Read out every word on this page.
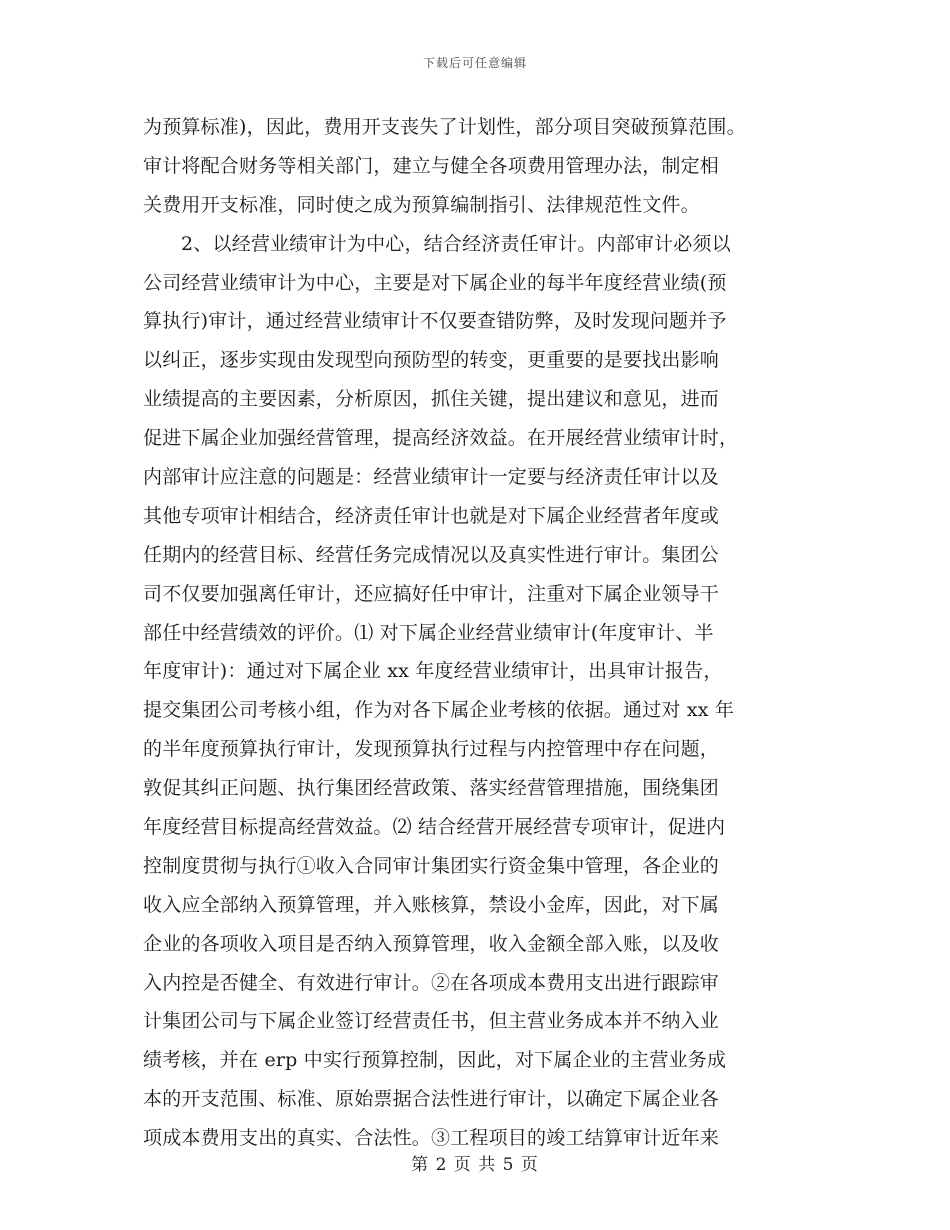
下载后可任意编辑
为预算标准)，因此，费用开支丧失了计划性，部分项目突破预算范围。
审计将配合财务等相关部门，建立与健全各项费用管理办法，制定相
关费用开支标准，同时使之成为预算编制指引、法律规范性文件。
2、以经营业绩审计为中心，结合经济责任审计。内部审计必须以
公司经营业绩审计为中心，主要是对下属企业的每半年度经营业绩(预
算执行)审计，通过经营业绩审计不仅要查错防弊，及时发现问题并予
以纠正，逐步实现由发现型向预防型的转变，更重要的是要找出影响
业绩提高的主要因素，分析原因，抓住关键，提出建议和意见，进而
促进下属企业加强经营管理，提高经济效益。在开展经营业绩审计时，
内部审计应注意的问题是：经营业绩审计一定要与经济责任审计以及
其他专项审计相结合，经济责任审计也就是对下属企业经营者年度或
任期内的经营目标、经营任务完成情况以及真实性进行审计。集团公
司不仅要加强离任审计，还应搞好任中审计，注重对下属企业领导干
部任中经营绩效的评价。⑴ 对下属企业经营业绩审计(年度审计、半
年度审计)：通过对下属企业 xx 年度经营业绩审计，出具审计报告，
提交集团公司考核小组，作为对各下属企业考核的依据。通过对 xx 年
的半年度预算执行审计，发现预算执行过程与内控管理中存在问题，
敦促其纠正问题、执行集团经营政策、落实经营管理措施，围绕集团
年度经营目标提高经营效益。⑵ 结合经营开展经营专项审计，促进内
控制度贯彻与执行①收入合同审计集团实行资金集中管理，各企业的
收入应全部纳入预算管理，并入账核算，禁设小金库，因此，对下属
企业的各项收入项目是否纳入预算管理，收入金额全部入账，以及收
入内控是否健全、有效进行审计。②在各项成本费用支出进行跟踪审
计集团公司与下属企业签订经营责任书，但主营业务成本并不纳入业
绩考核，并在 erp 中实行预算控制，因此，对下属企业的主营业务成
本的开支范围、标准、原始票据合法性进行审计，以确定下属企业各
项成本费用支出的真实、合法性。③工程项目的竣工结算审计近年来
第 2 页 共 5 页
